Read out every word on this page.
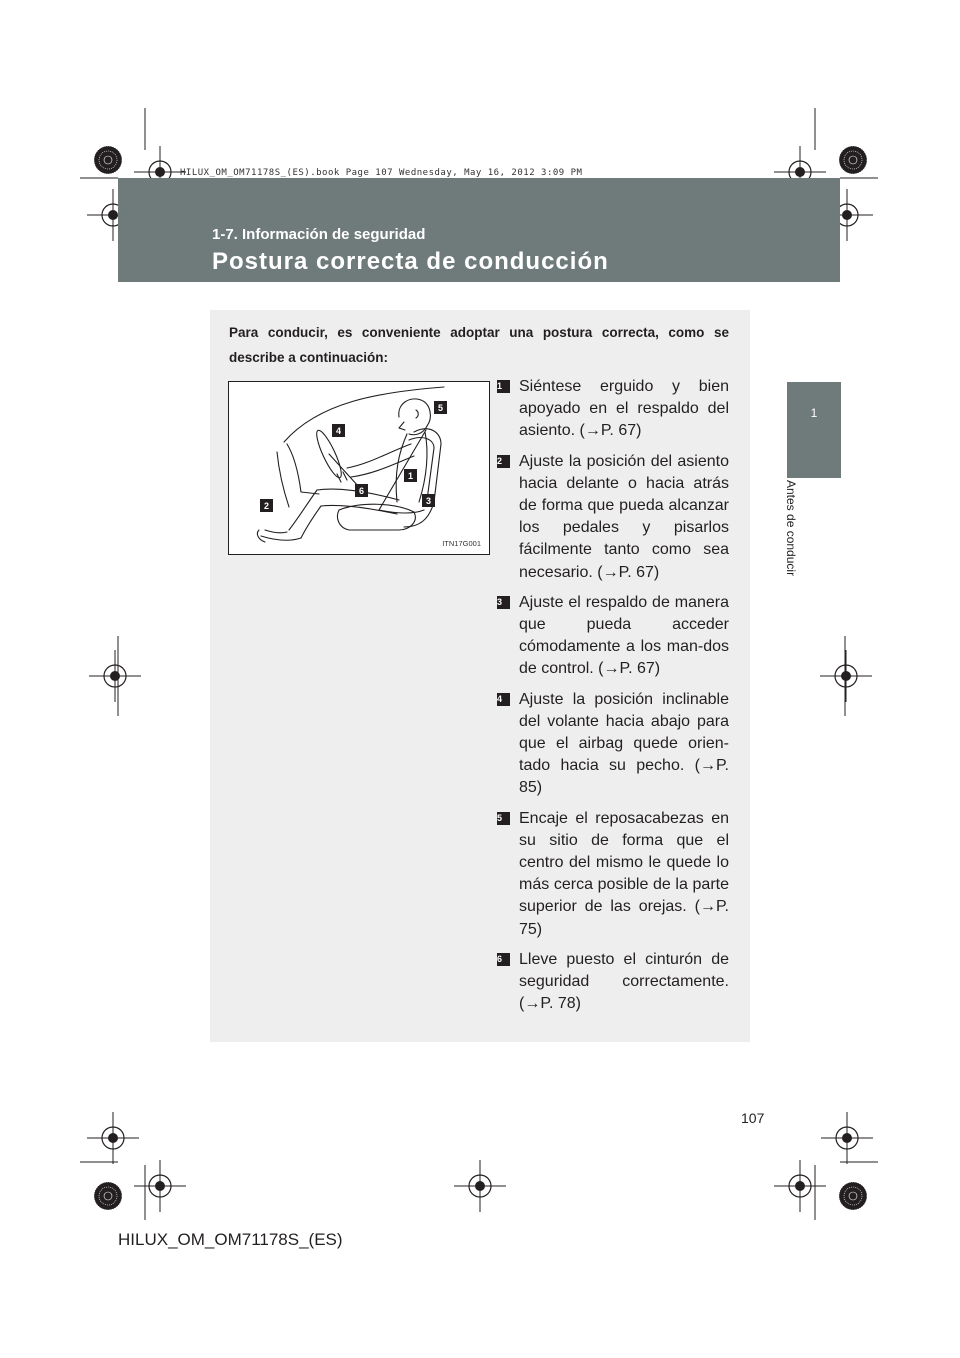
HILUX_OM_OM71178S_(ES).book Page 107 Wednesday, May 16, 2012 3:09 PM
1-7. Información de seguridad
Postura correcta de conducción
1
Antes de conducir
Para conducir, es conveniente adoptar una postura correcta, como se describe a continuación:
1
2	3
4
5
6
ITN17G001
1	Siéntese erguido y bien apoyado en el respaldo del asiento. (→P. 67)
2	Ajuste la posición del asiento hacia delante o hacia atrás de forma que pueda alcanzar los pedales y pisarlos fácilmente tanto como sea necesario. (→P. 67)
3	Ajuste el respaldo de manera que pueda acceder cómodamente a los man-dos de control. (→P. 67)
4	Ajuste la posición inclinable del volante hacia abajo para que el airbag quede orien-tado hacia su pecho. (→P. 85)
5	Encaje el reposacabezas en su sitio de forma que el centro del mismo le quede lo más cerca posible de la parte superior de las orejas. (→P. 75)
6	Lleve puesto el cinturón de seguridad correctamente. (→P. 78)
107
HILUX_OM_OM71178S_(ES)
